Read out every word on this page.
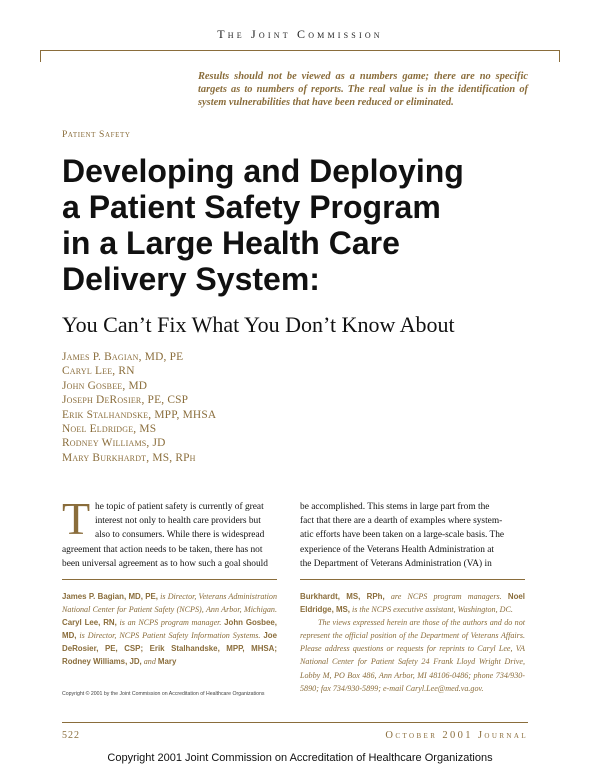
The Joint Commission
Results should not be viewed as a numbers game; there are no specific targets as to numbers of reports. The real value is in the identification of system vulnerabilities that have been reduced or eliminated.
Patient Safety
Developing and Deploying
a Patient Safety Program
in a Large Health Care
Delivery System:
You Can’t Fix What You Don’t Know About
James P. Bagian, MD, PE
Caryl Lee, RN
John Gosbee, MD
Joseph DeRosier, PE, CSP
Erik Stalhandske, MPP, MHSA
Noel Eldridge, MS
Rodney Williams, JD
Mary Burkhardt, MS, RPh
T he topic of patient safety is currently of great
interest not only to health care providers but
also to consumers. While there is widespread
agreement that action needs to be taken, there has not
been universal agreement as to how such a goal should
be accomplished. This stems in large part from the
fact that there are a dearth of examples where system-
atic efforts have been taken on a large-scale basis. The
experience of the Veterans Health Administration at
the Department of Veterans Administration (VA) in
James P. Bagian, MD, PE, is Director, Veterans Administration National Center for Patient Safety (NCPS), Ann Arbor, Michigan. Caryl Lee, RN, is an NCPS program manager. John Gosbee, MD, is Director, NCPS Patient Safety Information Systems. Joe DeRosier, PE, CSP; Erik Stalhandske, MPP, MHSA; Rodney Williams, JD, and Mary
Burkhardt, MS, RPh, are NCPS program managers. Noel Eldridge, MS, is the NCPS executive assistant, Washington, DC.
The views expressed herein are those of the authors and do not represent the official position of the Department of Veterans Affairs. Please address questions or requests for reprints to Caryl Lee, VA National Center for Patient Safety 24 Frank Lloyd Wright Drive, Lobby M, PO Box 486, Ann Arbor, MI 48106-0486; phone 734/930-5890; fax 734/930-5899; e-mail Caryl.Lee@med.va.gov.
Copyright © 2001 by the Joint Commission on Accreditation of Healthcare Organizations
522	October 2001 Journal
Copyright 2001 Joint Commission on Accreditation of Healthcare Organizations
